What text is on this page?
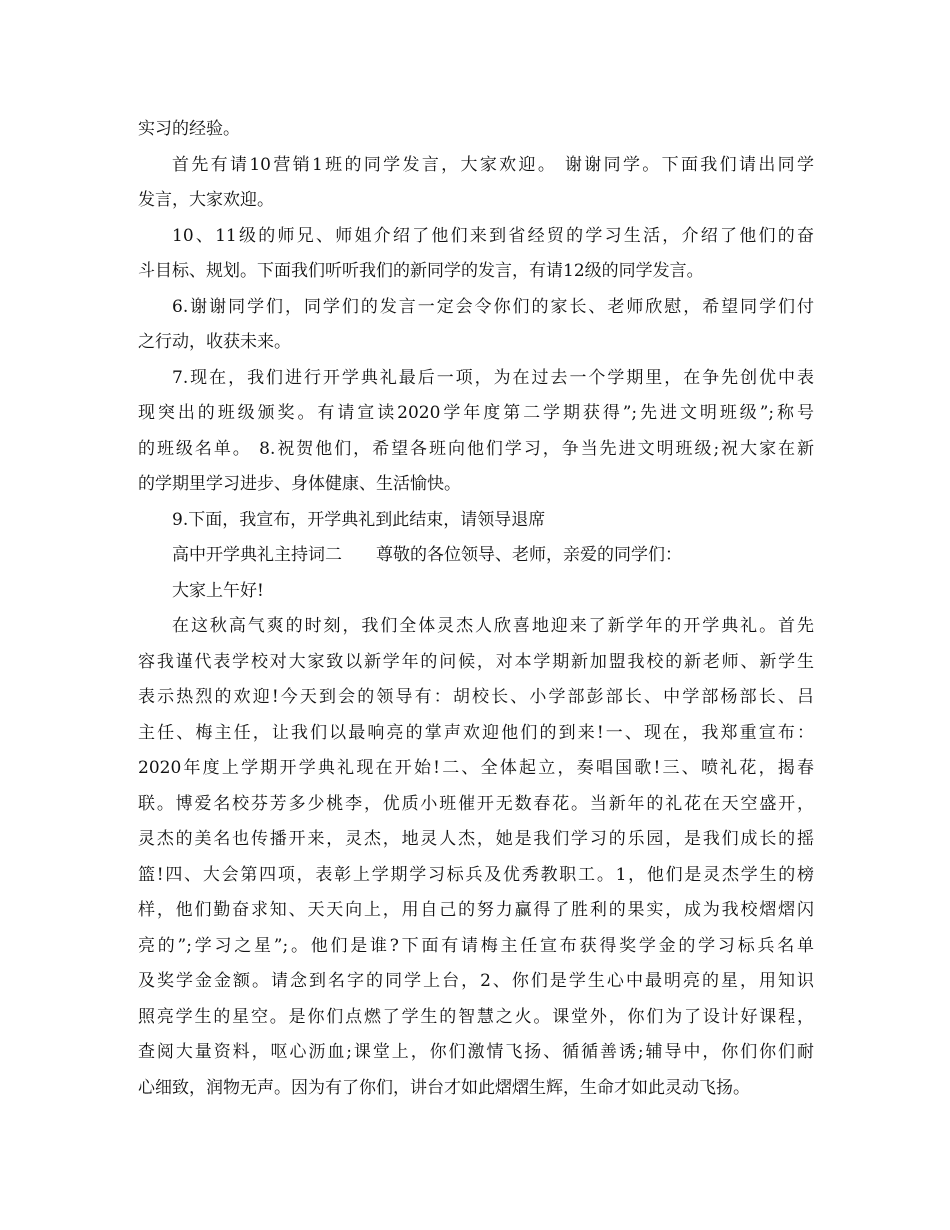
实习的经验。
首先有请10营销1班的同学发言，大家欢迎。 谢谢同学。下面我们请出同学
发言，大家欢迎。
10、11级的师兄、师姐介绍了他们来到省经贸的学习生活，介绍了他们的奋
斗目标、规划。下面我们听听我们的新同学的发言，有请12级的同学发言。
6.谢谢同学们，同学们的发言一定会令你们的家长、老师欣慰，希望同学们付
之行动，收获未来。
7.现在，我们进行开学典礼最后一项，为在过去一个学期里，在争先创优中表
现突出的班级颁奖。有请宣读2020学年度第二学期获得”;先进文明班级”;称号
的班级名单。 8.祝贺他们，希望各班向他们学习，争当先进文明班级;祝大家在新
的学期里学习进步、身体健康、生活愉快。
9.下面，我宣布，开学典礼到此结束，请领导退席
高中开学典礼主持词二　　尊敬的各位领导、老师，亲爱的同学们：
大家上午好!
在这秋高气爽的时刻，我们全体灵杰人欣喜地迎来了新学年的开学典礼。首先
容我谨代表学校对大家致以新学年的问候，对本学期新加盟我校的新老师、新学生
表示热烈的欢迎!今天到会的领导有：胡校长、小学部彭部长、中学部杨部长、吕
主任、梅主任，让我们以最响亮的掌声欢迎他们的到来!一、现在，我郑重宣布：
2020年度上学期开学典礼现在开始!二、全体起立，奏唱国歌!三、喷礼花，揭春
联。博爱名校芬芳多少桃李，优质小班催开无数春花。当新年的礼花在天空盛开，
灵杰的美名也传播开来，灵杰，地灵人杰，她是我们学习的乐园，是我们成长的摇
篮!四、大会第四项，表彰上学期学习标兵及优秀教职工。1，他们是灵杰学生的榜
样，他们勤奋求知、天天向上，用自己的努力赢得了胜利的果实，成为我校熠熠闪
亮的”;学习之星”;。他们是谁?下面有请梅主任宣布获得奖学金的学习标兵名单
及奖学金金额。请念到名字的同学上台，2、你们是学生心中最明亮的星，用知识
照亮学生的星空。是你们点燃了学生的智慧之火。课堂外，你们为了设计好课程，
查阅大量资料，呕心沥血;课堂上，你们激情飞扬、循循善诱;辅导中，你们你们耐
心细致，润物无声。因为有了你们，讲台才如此熠熠生辉，生命才如此灵动飞扬。
